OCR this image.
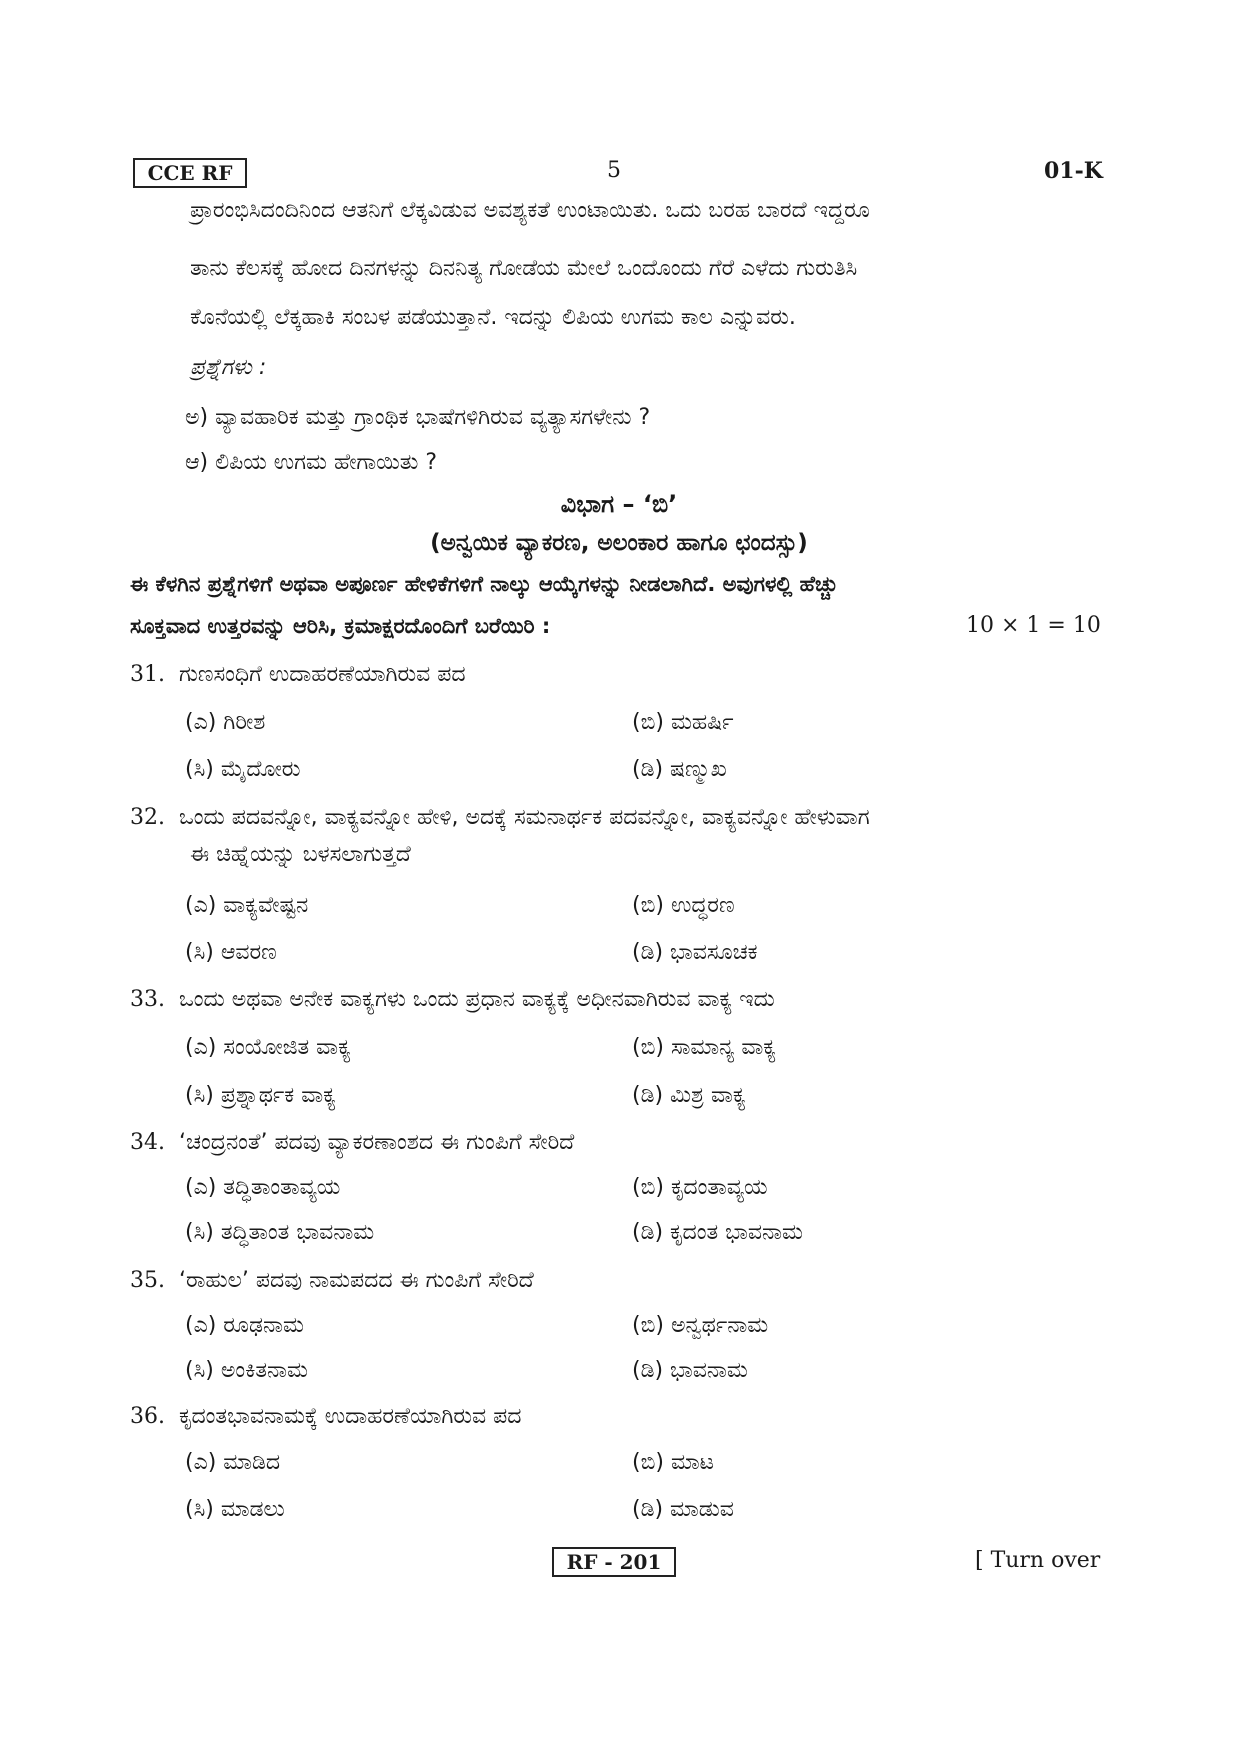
CCE RF	5	01-K
ಪ್ರಾರಂಭಿಸಿದಂದಿನಿಂದ ಆತನಿಗೆ ಲೆಕ್ಕವಿಡುವ ಅವಶ್ಯಕತೆ ಉಂಟಾಯಿತು. ಒದು ಬರಹ ಬಾರದೆ ಇದ್ದರೂ
ತಾನು ಕೆಲಸಕ್ಕೆ ಹೋದ ದಿನಗಳನ್ನು ದಿನನಿತ್ಯ ಗೋಡೆಯ ಮೇಲೆ ಒಂದೊಂದು ಗೆರೆ ಎಳೆದು ಗುರುತಿಸಿ
ಕೊನೆಯಲ್ಲಿ ಲೆಕ್ಕಹಾಕಿ ಸಂಬಳ ಪಡೆಯುತ್ತಾನೆ. ಇದನ್ನು ಲಿಪಿಯ ಉಗಮ ಕಾಲ ಎನ್ನುವರು.
ಪ್ರಶ್ನೆಗಳು :
ಅ) ವ್ಯಾವಹಾರಿಕ ಮತ್ತು ಗ್ರಾಂಥಿಕ ಭಾಷೆಗಳಿಗಿರುವ ವ್ಯತ್ಯಾಸಗಳೇನು ?
ಆ) ಲಿಪಿಯ ಉಗಮ ಹೇಗಾಯಿತು ?
ವಿಭಾಗ – ‘ಬಿ’
(ಅನ್ವಯಿಕ ವ್ಯಾಕರಣ, ಅಲಂಕಾರ ಹಾಗೂ ಛಂದಸ್ಸು)
ಈ ಕೆಳಗಿನ ಪ್ರಶ್ನೆಗಳಿಗೆ ಅಥವಾ ಅಪೂರ್ಣ ಹೇಳಿಕೆಗಳಿಗೆ ನಾಲ್ಕು ಆಯ್ಕೆಗಳನ್ನು ನೀಡಲಾಗಿದೆ. ಅವುಗಳಲ್ಲಿ ಹೆಚ್ಚು
ಸೂಕ್ತವಾದ ಉತ್ತರವನ್ನು ಆರಿಸಿ, ಕ್ರಮಾಕ್ಷರದೊಂದಿಗೆ ಬರೆಯಿರಿ :	10 × 1 = 10
31. ಗುಣಸಂಧಿಗೆ ಉದಾಹರಣೆಯಾಗಿರುವ ಪದ
(ಎ) ಗಿರೀಶ	(ಬಿ) ಮಹರ್ಷಿ
(ಸಿ) ಮೈದೋರು	(ಡಿ) ಷಣ್ಮುಖ
32. ಒಂದು ಪದವನ್ನೋ, ವಾಕ್ಯವನ್ನೋ ಹೇಳಿ, ಅದಕ್ಕೆ ಸಮನಾರ್ಥಕ ಪದವನ್ನೋ, ವಾಕ್ಯವನ್ನೋ ಹೇಳುವಾಗ
ಈ ಚಿಹ್ನೆಯನ್ನು ಬಳಸಲಾಗುತ್ತದೆ
(ಎ) ವಾಕ್ಯವೇಷ್ಟನ	(ಬಿ) ಉದ್ಧರಣ
(ಸಿ) ಆವರಣ	(ಡಿ) ಭಾವಸೂಚಕ
33. ಒಂದು ಅಥವಾ ಅನೇಕ ವಾಕ್ಯಗಳು ಒಂದು ಪ್ರಧಾನ ವಾಕ್ಯಕ್ಕೆ ಅಧೀನವಾಗಿರುವ ವಾಕ್ಯ ಇದು
(ಎ) ಸಂಯೋಜಿತ ವಾಕ್ಯ	(ಬಿ) ಸಾಮಾನ್ಯ ವಾಕ್ಯ
(ಸಿ) ಪ್ರಶ್ನಾರ್ಥಕ ವಾಕ್ಯ	(ಡಿ) ಮಿಶ್ರ ವಾಕ್ಯ
34. ‘ಚಂದ್ರನಂತೆ’ ಪದವು ವ್ಯಾಕರಣಾಂಶದ ಈ ಗುಂಪಿಗೆ ಸೇರಿದೆ
(ಎ) ತದ್ಧಿತಾಂತಾವ್ಯಯ	(ಬಿ) ಕೃದಂತಾವ್ಯಯ
(ಸಿ) ತದ್ಧಿತಾಂತ ಭಾವನಾಮ	(ಡಿ) ಕೃದಂತ ಭಾವನಾಮ
35. ‘ರಾಹುಲ’ ಪದವು ನಾಮಪದದ ಈ ಗುಂಪಿಗೆ ಸೇರಿದೆ
(ಎ) ರೂಢನಾಮ	(ಬಿ) ಅನ್ವರ್ಥನಾಮ
(ಸಿ) ಅಂಕಿತನಾಮ	(ಡಿ) ಭಾವನಾಮ
36. ಕೃದಂತಭಾವನಾಮಕ್ಕೆ ಉದಾಹರಣೆಯಾಗಿರುವ ಪದ
(ಎ) ಮಾಡಿದ	(ಬಿ) ಮಾಟ
(ಸಿ) ಮಾಡಲು	(ಡಿ) ಮಾಡುವ
RF - 201	[ Turn over
